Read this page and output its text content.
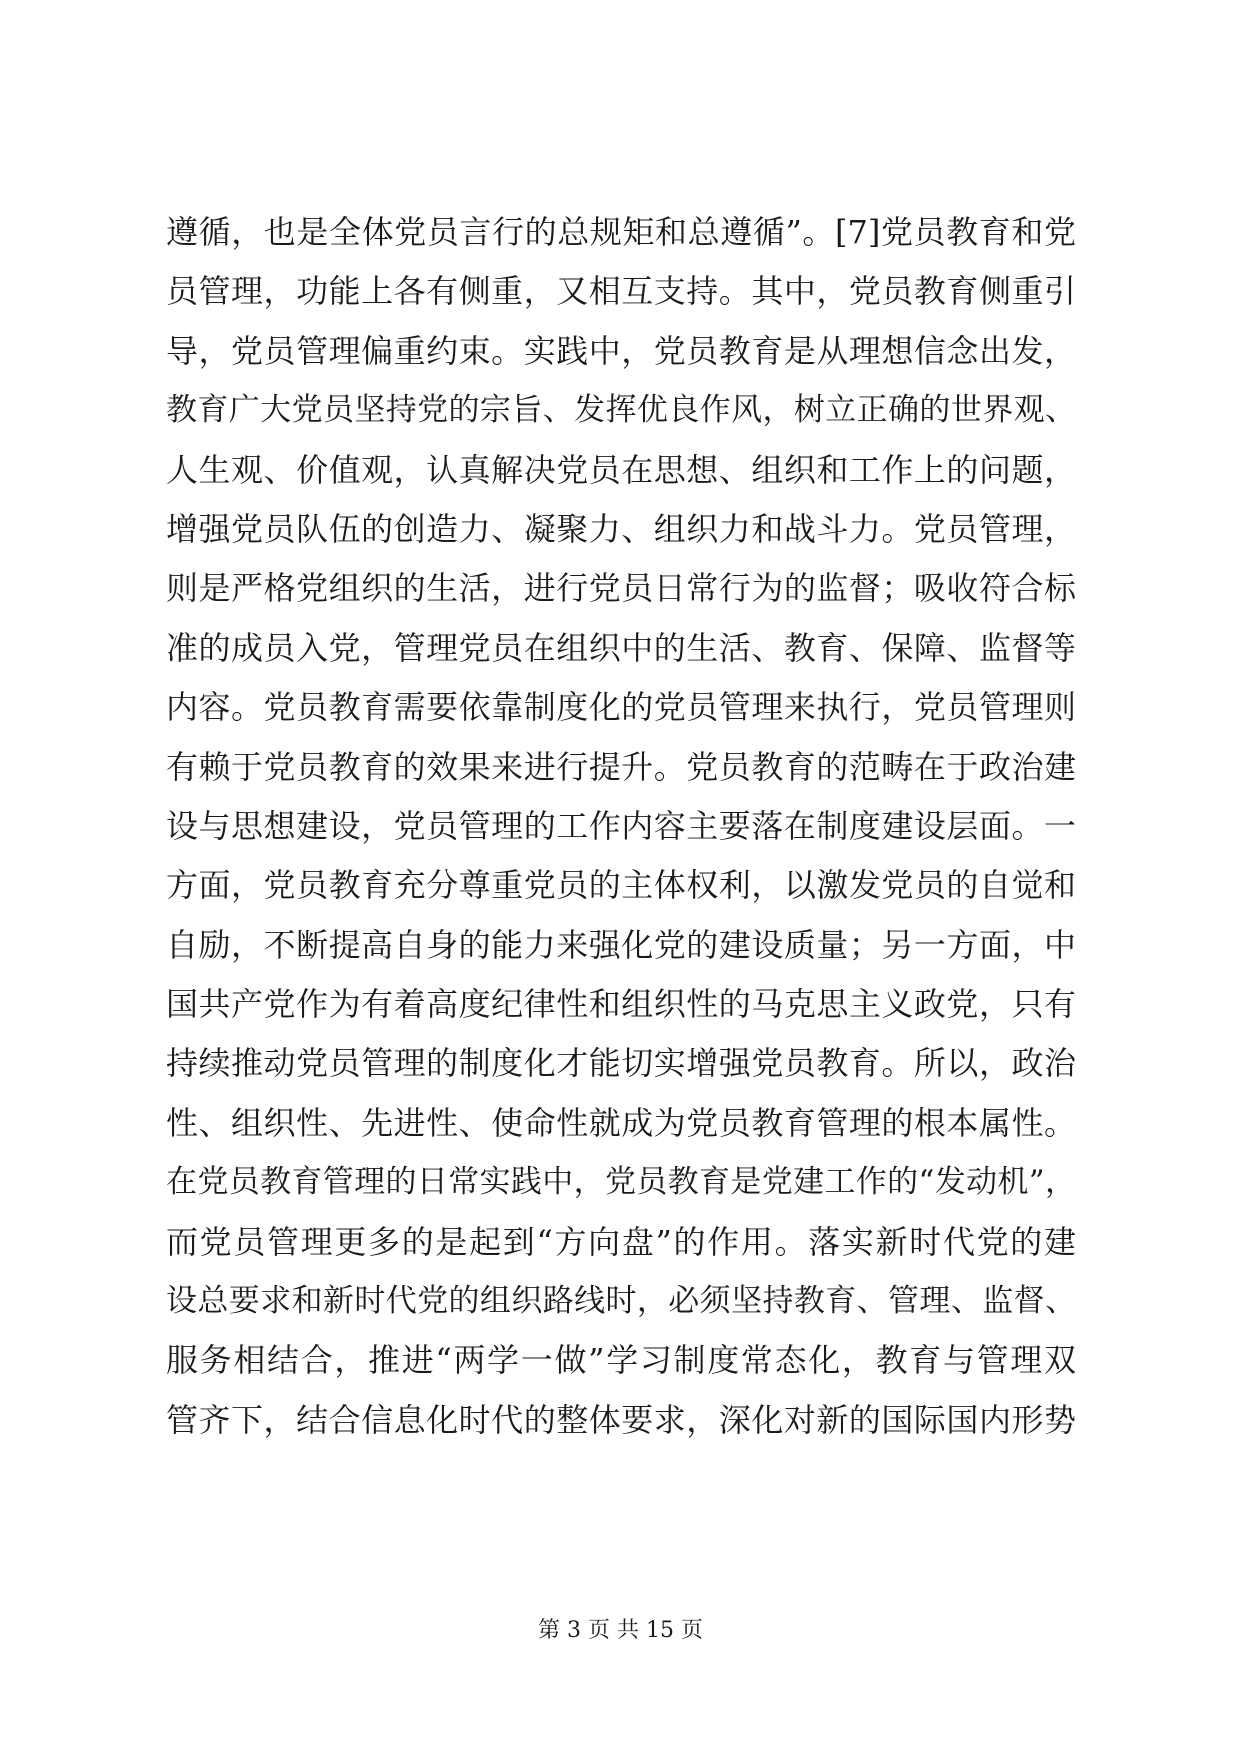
遵循，也是全体党员言行的总规矩和总遵循”。[7]党员教育和党
员管理，功能上各有侧重，又相互支持。其中，党员教育侧重引
导，党员管理偏重约束。实践中，党员教育是从理想信念出发，
教育广大党员坚持党的宗旨、发挥优良作风，树立正确的世界观、
人生观、价值观，认真解决党员在思想、组织和工作上的问题，
增强党员队伍的创造力、凝聚力、组织力和战斗力。党员管理，
则是严格党组织的生活，进行党员日常行为的监督；吸收符合标
准的成员入党，管理党员在组织中的生活、教育、保障、监督等
内容。党员教育需要依靠制度化的党员管理来执行，党员管理则
有赖于党员教育的效果来进行提升。党员教育的范畴在于政治建
设与思想建设，党员管理的工作内容主要落在制度建设层面。一
方面，党员教育充分尊重党员的主体权利，以激发党员的自觉和
自励，不断提高自身的能力来强化党的建设质量；另一方面，中
国共产党作为有着高度纪律性和组织性的马克思主义政党，只有
持续推动党员管理的制度化才能切实增强党员教育。所以，政治
性、组织性、先进性、使命性就成为党员教育管理的根本属性。
在党员教育管理的日常实践中，党员教育是党建工作的“发动机”，
而党员管理更多的是起到“方向盘”的作用。落实新时代党的建
设总要求和新时代党的组织路线时，必须坚持教育、管理、监督、
服务相结合，推进“两学一做”学习制度常态化，教育与管理双
管齐下，结合信息化时代的整体要求，深化对新的国际国内形势
第 3 页 共 15 页
